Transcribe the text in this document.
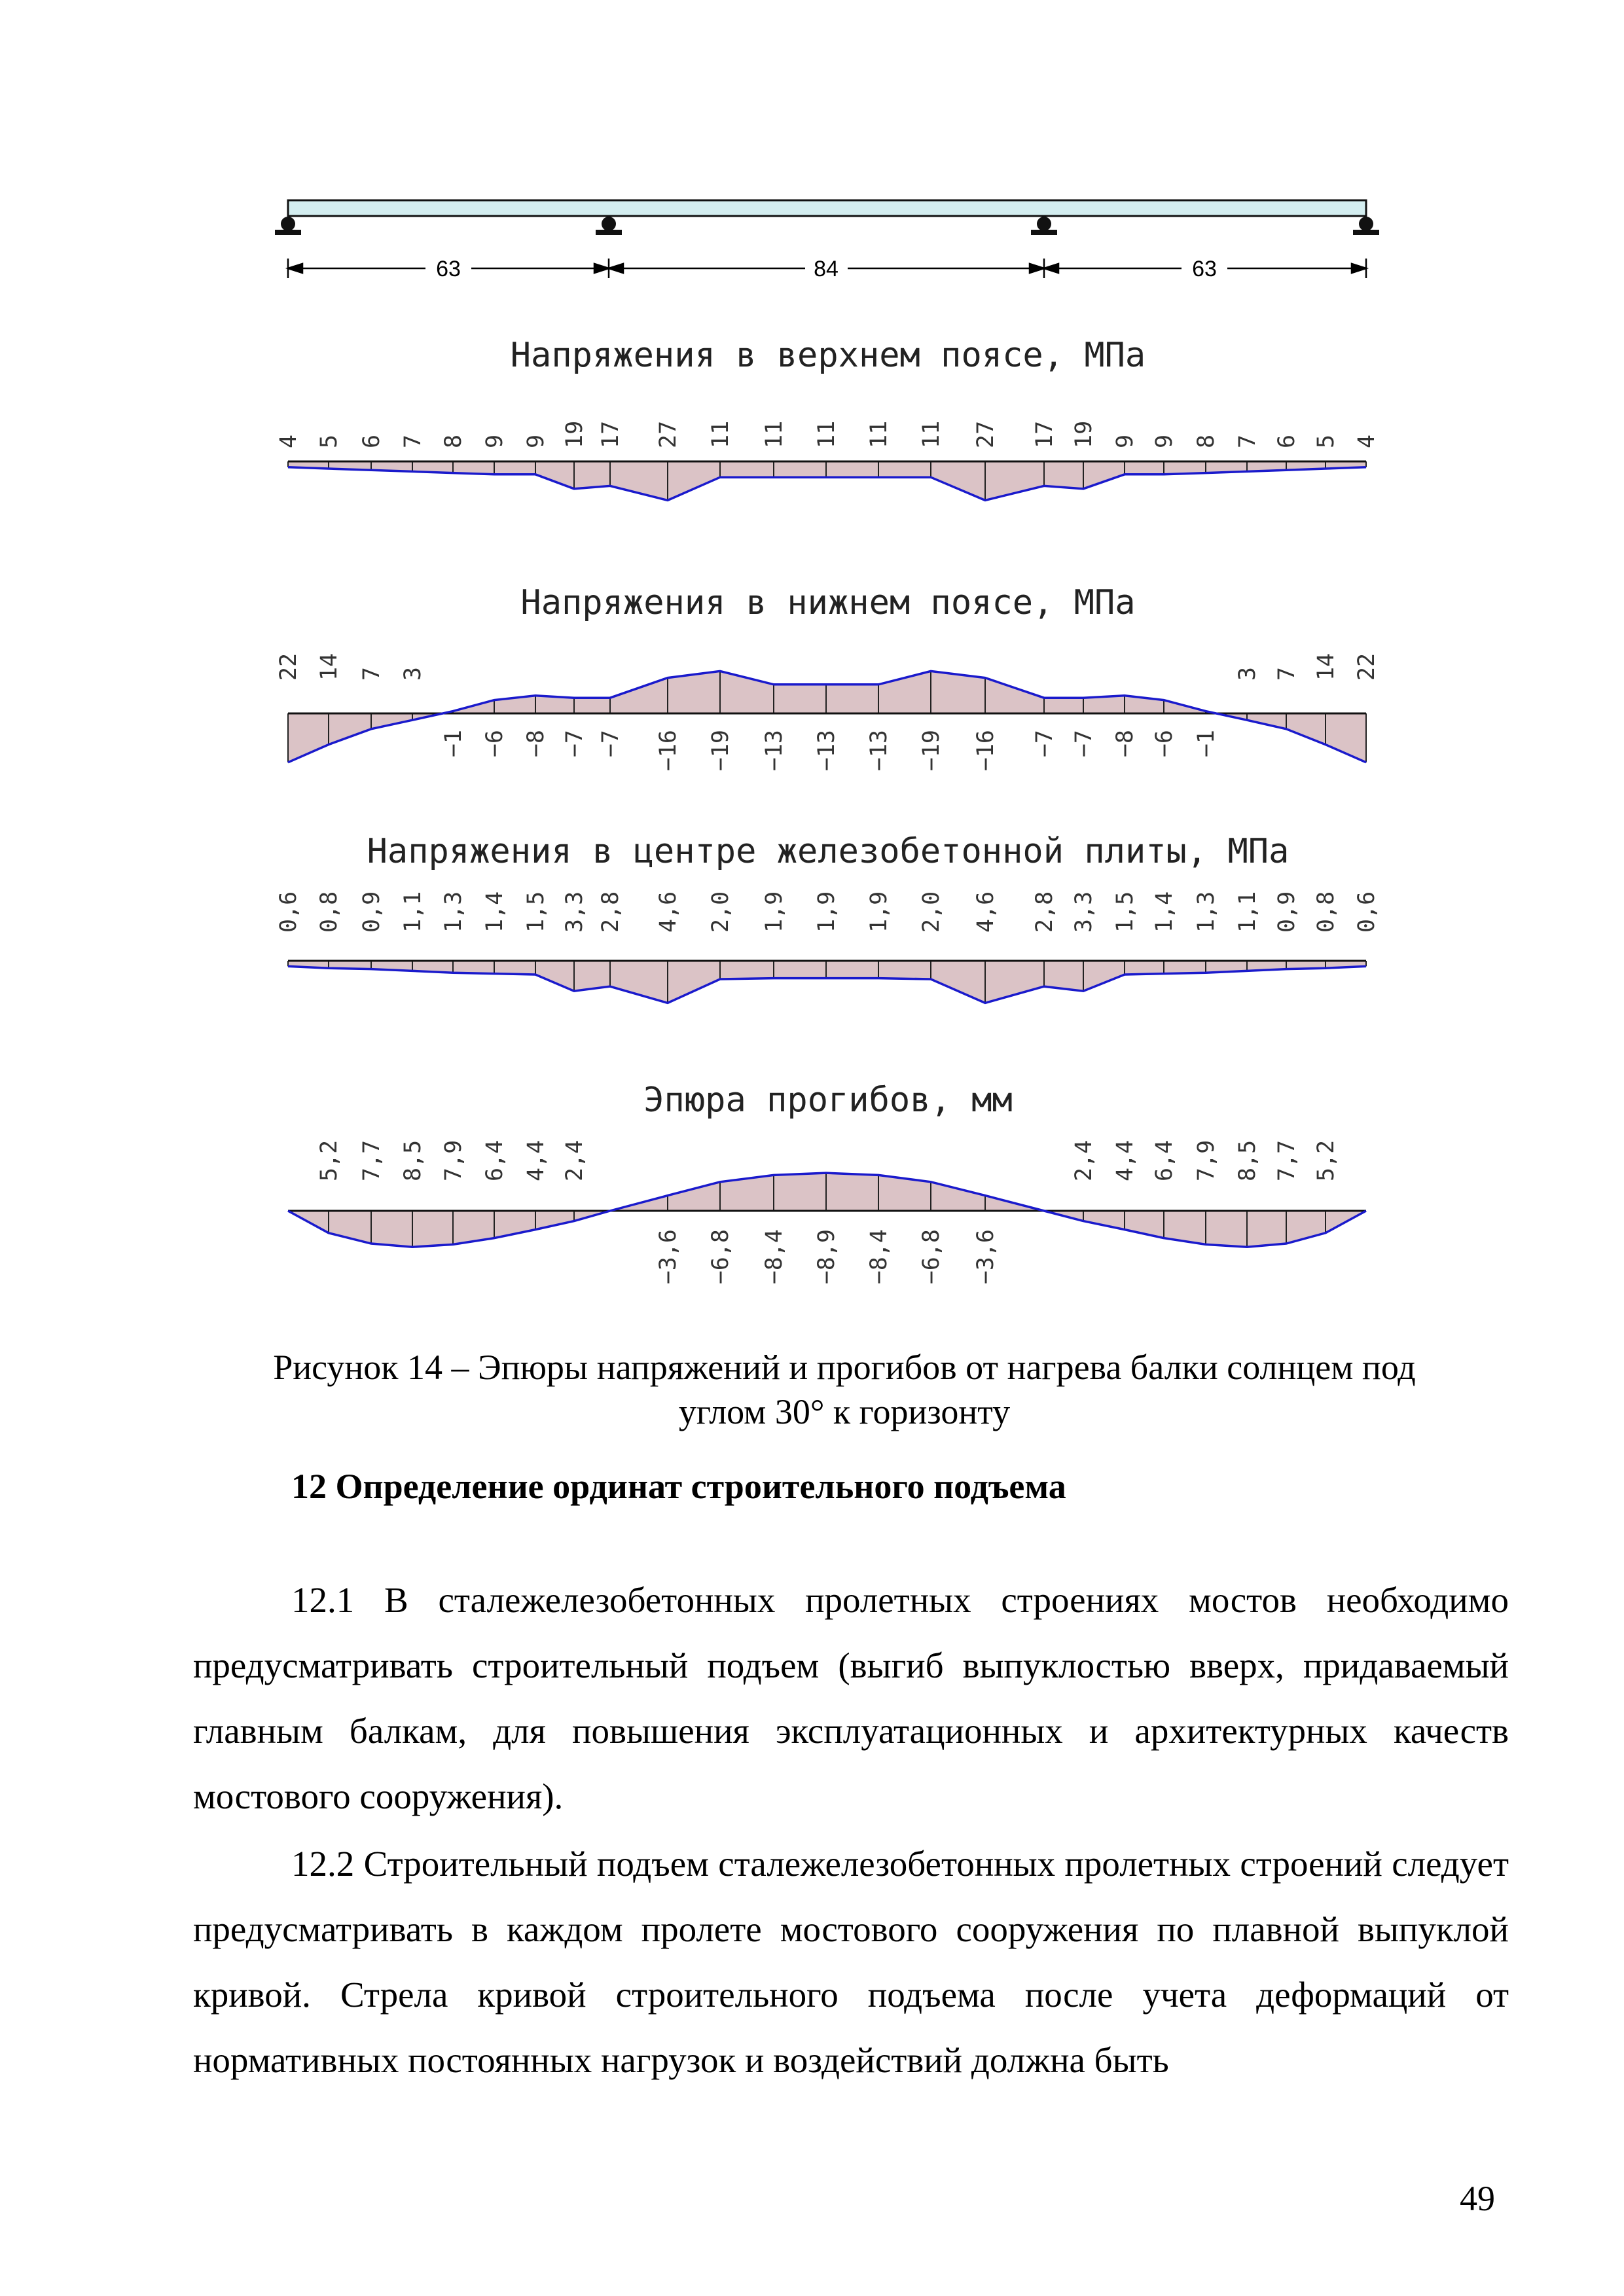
63	84	63
Напряжения в верхнем поясе, МПа
4 5 6 7 8 9 9 19 17 27 11 11 11 11 11 27 17 19 9 9 8 7 6 5 4
Напряжения в нижнем поясе, МПа
22 14 7 3
−1 −6 −8 −7 −7 −16 −19 −13 −13 −13 −19 −16 −7 −7 −8 −6 −1
3 7 14 22
Напряжения в центре железобетонной плиты, МПа
0,6 0,8 0,9 1,1 1,3 1,4 1,5 3,3 2,8 4,6 2,0 1,9 1,9 1,9 2,0 4,6 2,8 3,3 1,5 1,4 1,3 1,1 0,9 0,8 0,6
Эпюра прогибов, мм
5,2 7,7 8,5 7,9 6,4 4,4 2,4
−3,6 −6,8 −8,4 −8,9 −8,4 −6,8 −3,6
2,4 4,4 6,4 7,9 8,5 7,7 5,2
Рисунок 14 – Эпюры напряжений и прогибов от нагрева балки солнцем под
углом 30° к горизонту
12 Определение ординат строительного подъема

12.1 В сталежелезобетонных пролетных строениях мостов необходимо предусматривать строительный подъем (выгиб выпуклостью вверх, придаваемый главным балкам, для повышения эксплуатационных и архитектурных качеств мостового сооружения).

12.2 Строительный подъем сталежелезобетонных пролетных строений следует предусматривать в каждом пролете мостового сооружения по плавной выпуклой кривой. Стрела кривой строительного подъема после учета деформаций от нормативных постоянных нагрузок и воздействий должна быть

49
